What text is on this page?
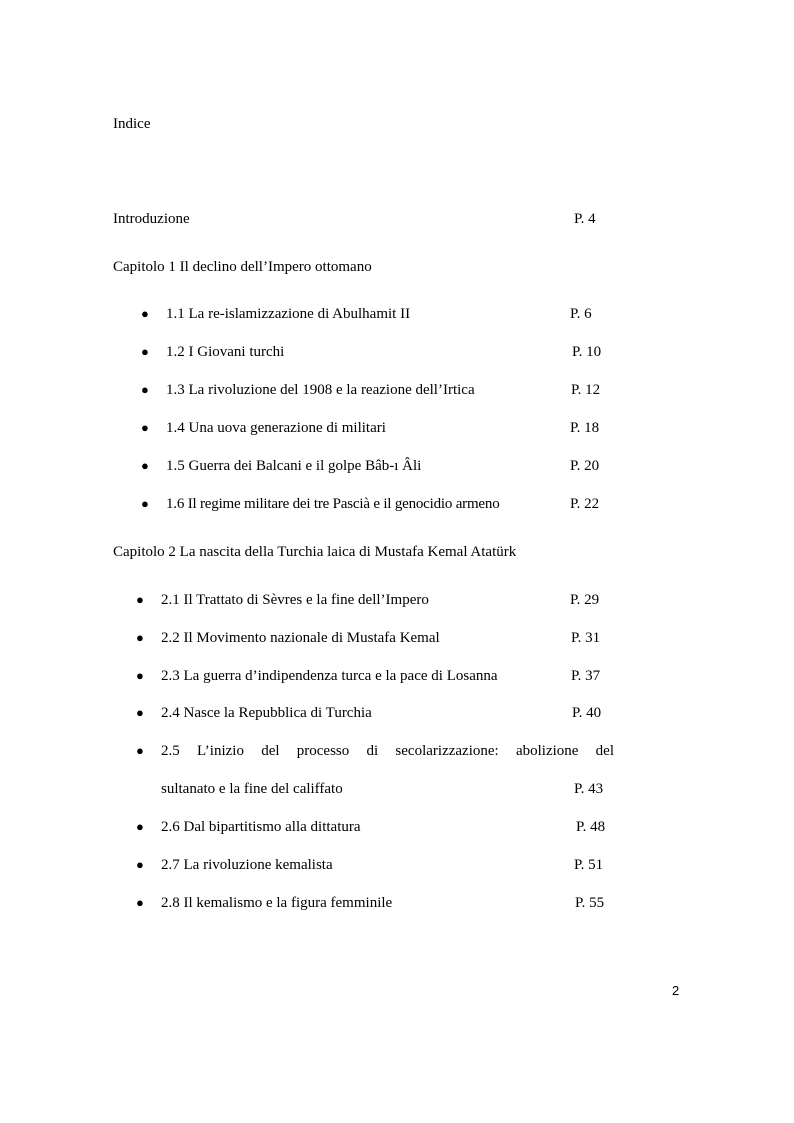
Indice
Introduzione	P. 4
Capitolo 1 Il declino dell’Impero ottomano
● 1.1 La re-islamizzazione di Abulhamit II	P. 6
● 1.2 I Giovani turchi	P. 10
● 1.3 La rivoluzione del 1908 e la reazione dell’Irtica	P. 12
● 1.4 Una uova generazione di militari	P. 18
● 1.5 Guerra dei Balcani e il golpe Bâb-ı Âli	P. 20
● 1.6 Il regime militare dei tre Pascià e il genocidio armeno	P. 22
Capitolo 2 La nascita della Turchia laica di Mustafa Kemal Atatürk
● 2.1 Il Trattato di Sèvres e la fine dell’Impero	P. 29
● 2.2 Il Movimento nazionale di Mustafa Kemal	P. 31
● 2.3 La guerra d’indipendenza turca e la pace di Losanna	P. 37
● 2.4 Nasce la Repubblica di Turchia	P. 40
● 2.5 L’inizio del processo di secolarizzazione: abolizione del
sultanato e la fine del califfato	P. 43
● 2.6 Dal bipartitismo alla dittatura	P. 48
● 2.7 La rivoluzione kemalista	P. 51
● 2.8 Il kemalismo e la figura femminile	P. 55
2
